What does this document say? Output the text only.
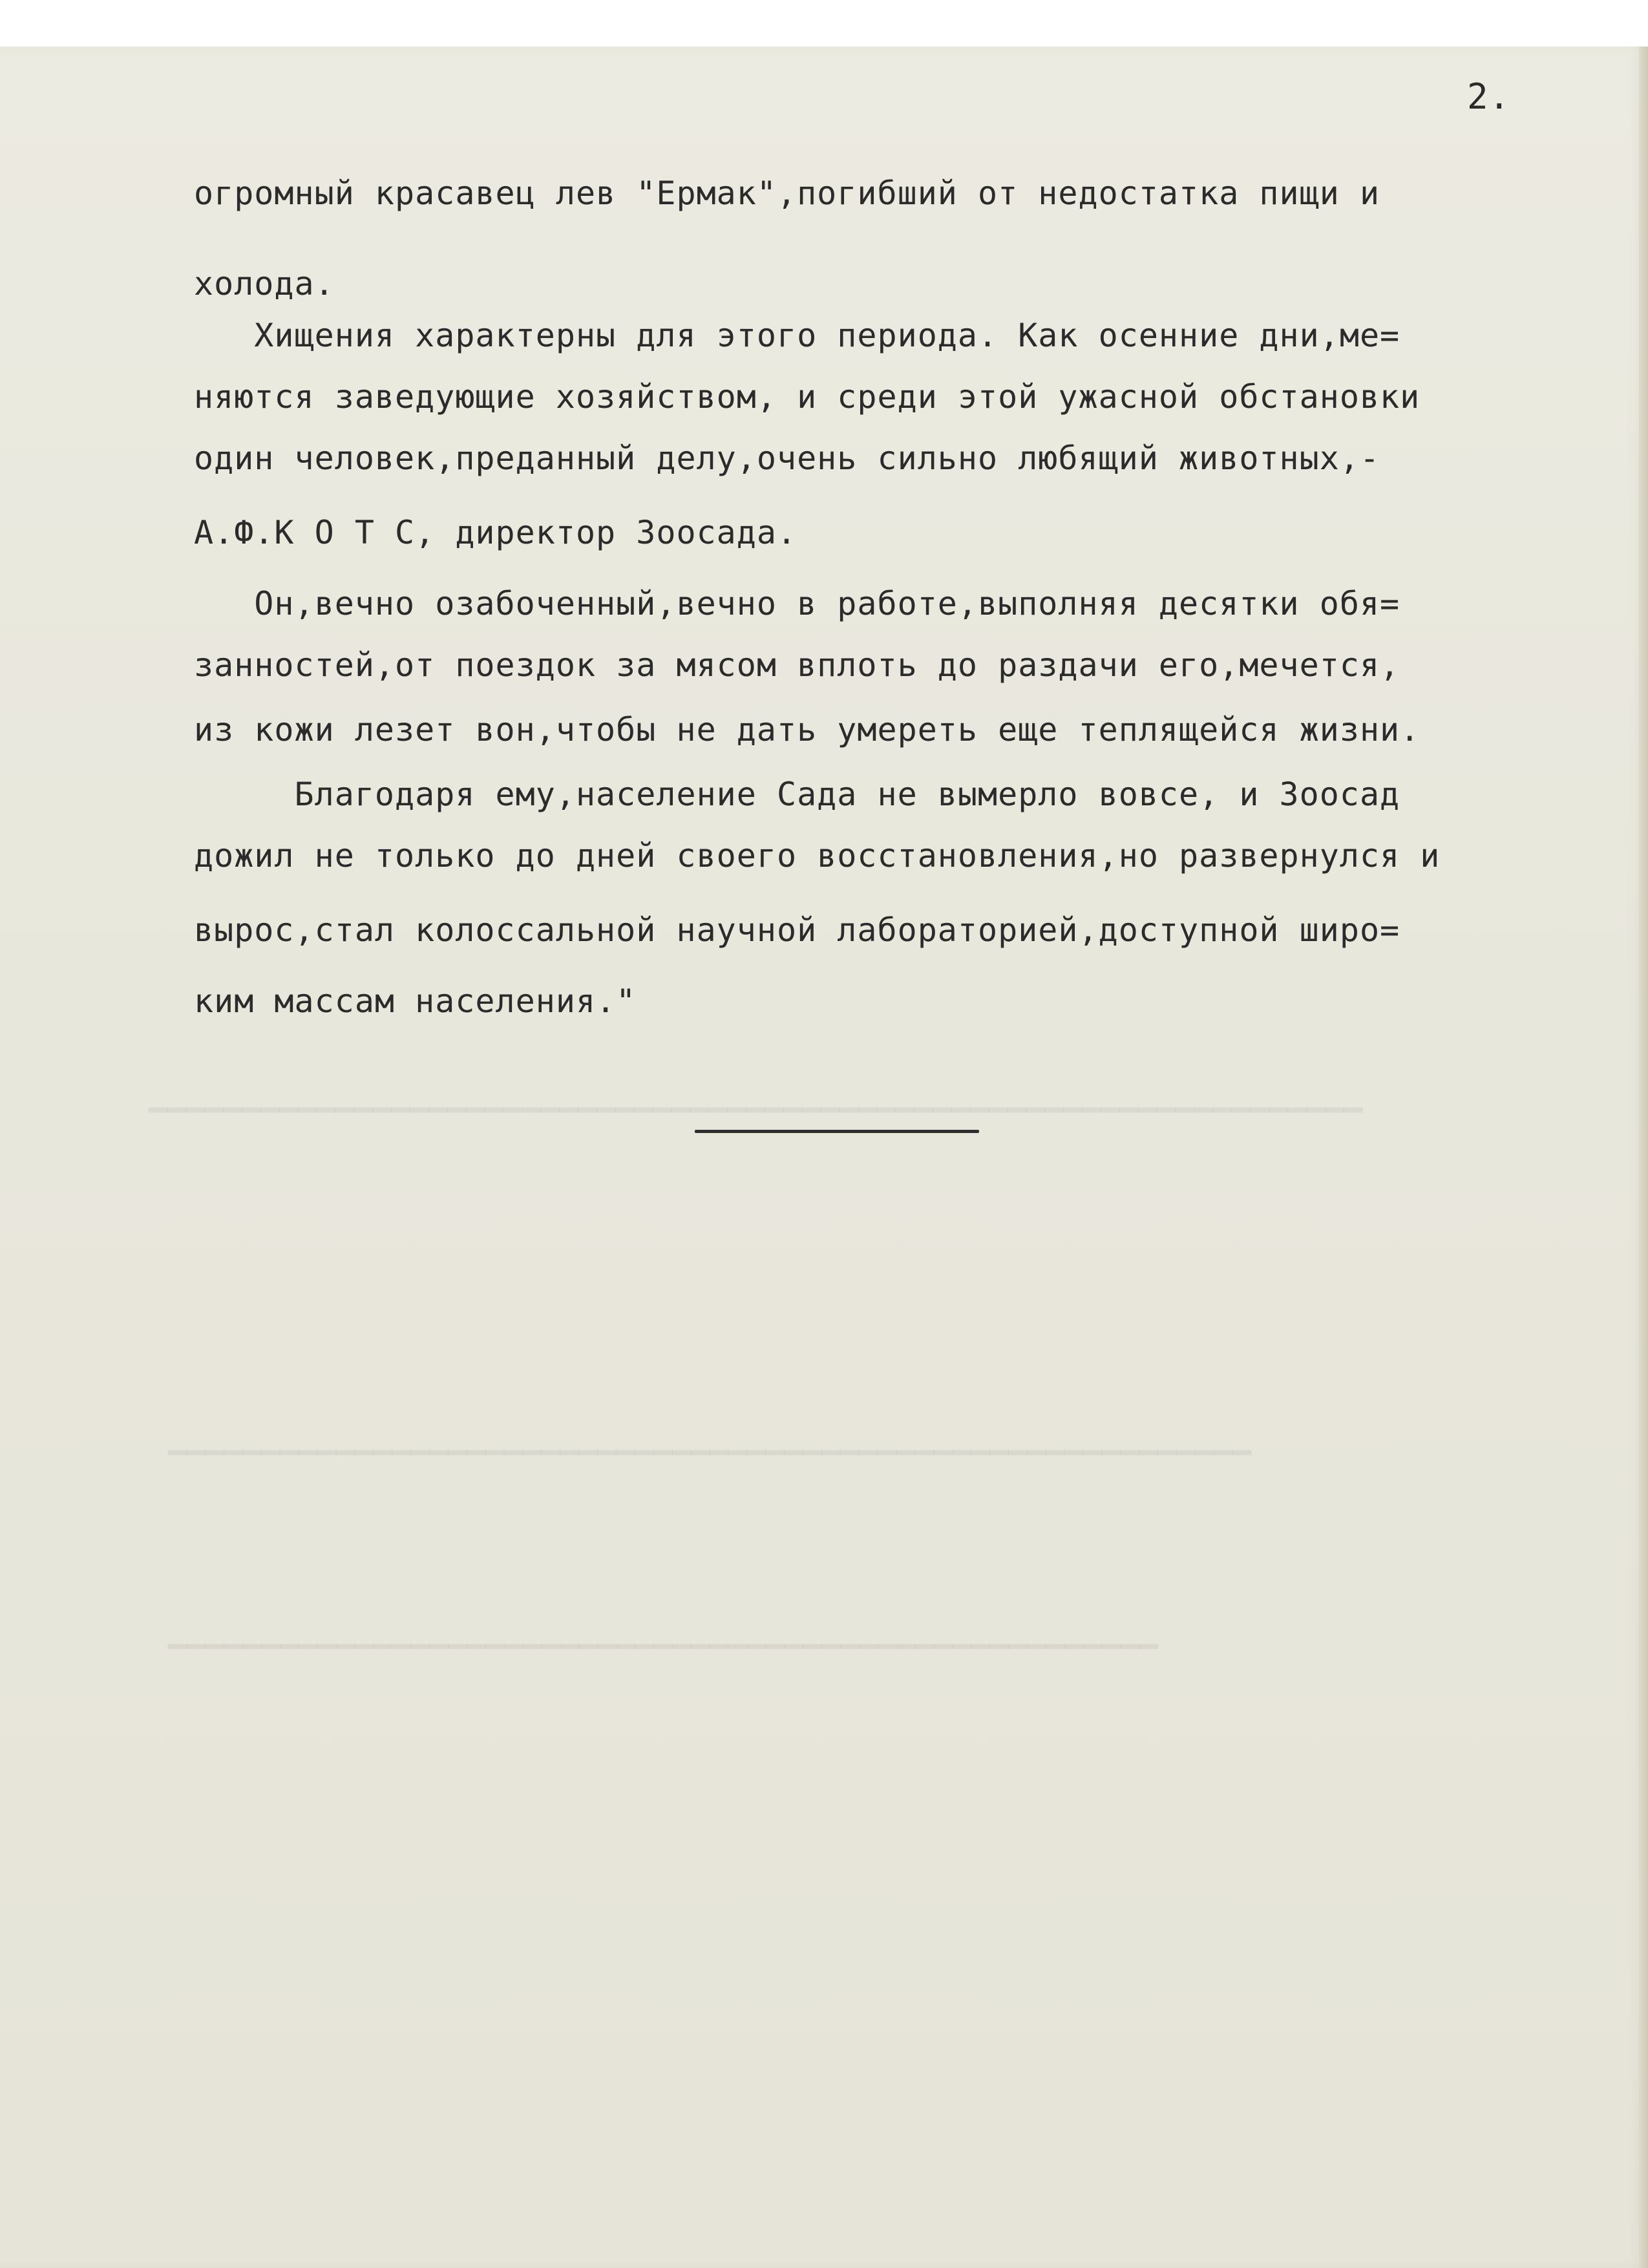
━━━━━━━━━━━━━━━━━━━━━━━━━━━━━━━━━━━━━━━━━━━━━━━━━━━━━━━━━━━━━━━━━
━━━━━━━━━━━━━━━━━━━━━━━━━━━━━━━━━━━━━━━━━━━━━━━━━━━━━━━━━━
━━━━━━━━━━━━━━━━━━━━━━━━━━━━━━━━━━━━━━━━━━━━━━━━━━━━━

2.

огромный красавец лев "Ермак",погибший от недостатка пищи и

холода.

Хищения характерны для этого периода. Как осенние дни,ме=

няются заведующие хозяйством, и среди этой ужасной обстановки

один человек,преданный делу,очень сильно любящий животных,-

А.Ф.К О Т С, директор Зоосада.

Он,вечно озабоченный,вечно в работе,выполняя десятки обя=

занностей,от поездок за мясом вплоть до раздачи его,мечется,

из кожи лезет вон,чтобы не дать умереть еще теплящейся жизни.

Благодаря ему,население Сада не вымерло вовсе, и Зоосад

дожил не только до дней своего восстановления,но развернулся и

вырос,стал колоссальной научной лабораторией,доступной широ=

ким массам населения."
